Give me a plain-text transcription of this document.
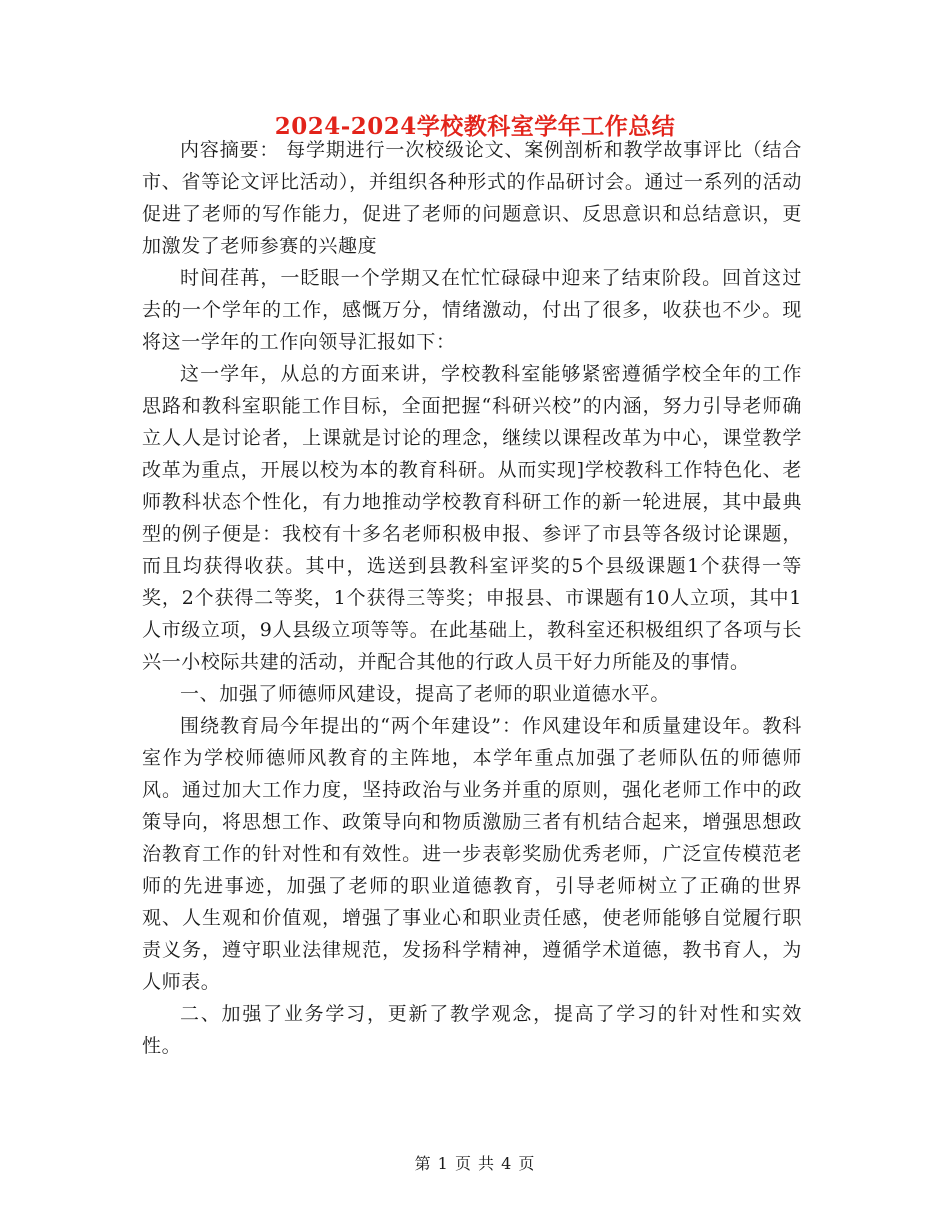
2024-2024学校教科室学年工作总结

内容摘要： 每学期进行一次校级论文、案例剖析和教学故事评比（结合市、省等论文评比活动），并组织各种形式的作品研讨会。通过一系列的活动促进了老师的写作能力，促进了老师的问题意识、反思意识和总结意识，更加激发了老师参赛的兴趣度

时间荏苒，一眨眼一个学期又在忙忙碌碌中迎来了结束阶段。回首这过去的一个学年的工作，感慨万分，情绪激动，付出了很多，收获也不少。现将这一学年的工作向领导汇报如下：

这一学年，从总的方面来讲，学校教科室能够紧密遵循学校全年的工作思路和教科室职能工作目标，全面把握“科研兴校”的内涵，努力引导老师确立人人是讨论者，上课就是讨论的理念，继续以课程改革为中心，课堂教学改革为重点，开展以校为本的教育科研。从而实现]学校教科工作特色化、老师教科状态个性化，有力地推动学校教育科研工作的新一轮进展，其中最典型的例子便是：我校有十多名老师积极申报、参评了市县等各级讨论课题，而且均获得收获。其中，选送到县教科室评奖的5个县级课题1个获得一等奖，2个获得二等奖，1个获得三等奖；申报县、市课题有10人立项，其中1人市级立项，9人县级立项等等。在此基础上，教科室还积极组织了各项与长兴一小校际共建的活动，并配合其他的行政人员干好力所能及的事情。

一、加强了师德师风建设，提高了老师的职业道德水平。

围绕教育局今年提出的“两个年建设”：作风建设年和质量建设年。教科室作为学校师德师风教育的主阵地，本学年重点加强了老师队伍的师德师风。通过加大工作力度，坚持政治与业务并重的原则，强化老师工作中的政策导向，将思想工作、政策导向和物质激励三者有机结合起来，增强思想政治教育工作的针对性和有效性。进一步表彰奖励优秀老师，广泛宣传模范老师的先进事迹，加强了老师的职业道德教育，引导老师树立了正确的世界观、人生观和价值观，增强了事业心和职业责任感，使老师能够自觉履行职责义务，遵守职业法律规范，发扬科学精神，遵循学术道德，教书育人，为人师表。

二、加强了业务学习，更新了教学观念，提高了学习的针对性和实效性。

第 1 页 共 4 页
